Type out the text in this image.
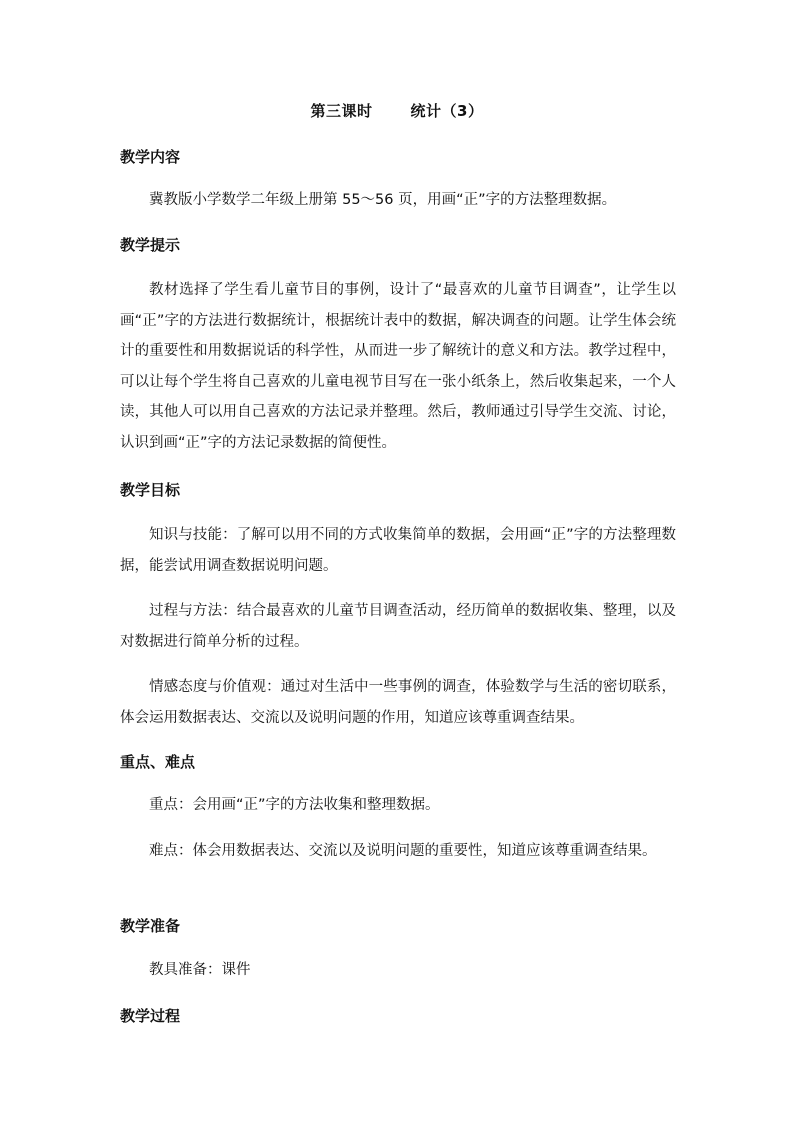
第三课时	统计（3）
教学内容
冀教版小学数学二年级上册第 55～56 页，用画“正”字的方法整理数据。
教学提示
教材选择了学生看儿童节目的事例，设计了“最喜欢的儿童节目调查”，让学生以画“正”字的方法进行数据统计，根据统计表中的数据，解决调查的问题。让学生体会统计的重要性和用数据说话的科学性，从而进一步了解统计的意义和方法。教学过程中，可以让每个学生将自己喜欢的儿童电视节目写在一张小纸条上，然后收集起来，一个人读，其他人可以用自己喜欢的方法记录并整理。然后，教师通过引导学生交流、讨论，认识到画“正”字的方法记录数据的简便性。
教学目标
知识与技能：了解可以用不同的方式收集简单的数据，会用画“正”字的方法整理数据，能尝试用调查数据说明问题。
过程与方法：结合最喜欢的儿童节目调查活动，经历简单的数据收集、整理，以及对数据进行简单分析的过程。
情感态度与价值观：通过对生活中一些事例的调查，体验数学与生活的密切联系，体会运用数据表达、交流以及说明问题的作用，知道应该尊重调查结果。
重点、难点
重点：会用画“正”字的方法收集和整理数据。
难点：体会用数据表达、交流以及说明问题的重要性，知道应该尊重调查结果。
教学准备
教具准备：课件
教学过程
